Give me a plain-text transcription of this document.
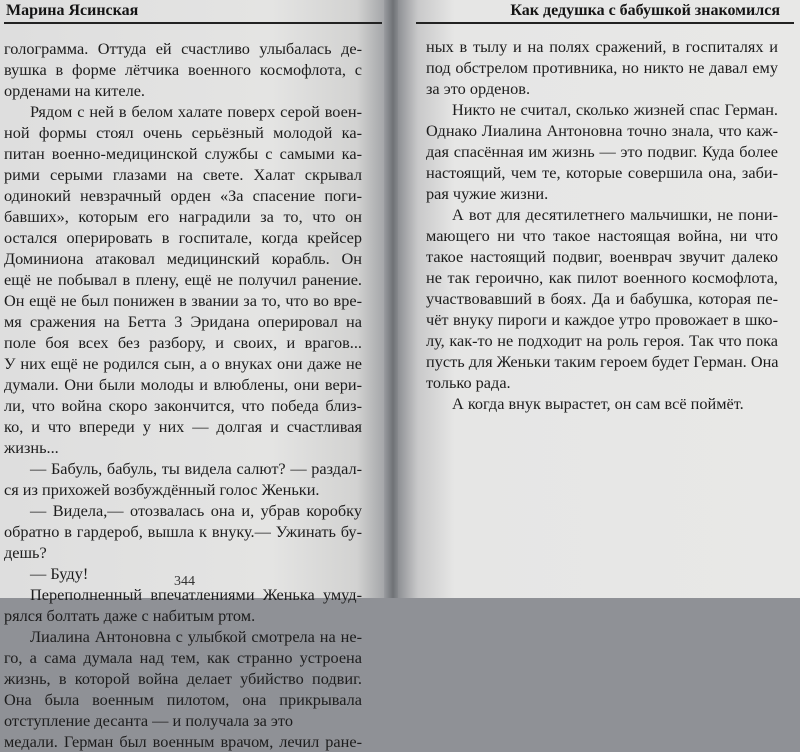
Марина Ясинская
голограмма. Оттуда ей счастливо улыбалась де-
вушка в форме лётчика военного космофлота, с
орденами на кителе.
Рядом с ней в белом халате поверх серой воен-
ной формы стоял очень серьёзный молодой ка-
питан военно-медицинской службы с самыми ка-
рими серыми глазами на свете. Халат скрывал
одинокий невзрачный орден «За спасение поги-
бавших», которым его наградили за то, что он
остался оперировать в госпитале, когда крейсер
Доминиона атаковал медицинский корабль. Он
ещё не побывал в плену, ещё не получил ранение.
Он ещё не был понижен в звании за то, что во вре-
мя сражения на Бетта 3 Эридана оперировал на
поле боя всех без разбору, и своих, и врагов...
У них ещё не родился сын, а о внуках они даже не
думали. Они были молоды и влюблены, они вери-
ли, что война скоро закончится, что победа близ-
ко, и что впереди у них — долгая и счастливая
жизнь...
— Бабуль, бабуль, ты видела салют? — раздал-
ся из прихожей возбуждённый голос Женьки.
— Видела,— отозвалась она и, убрав коробку
обратно в гардероб, вышла к внуку.— Ужинать бу-
дешь?
— Буду!
Переполненный впечатлениями Женька умуд-
рялся болтать даже с набитым ртом.
Лиалина Антоновна с улыбкой смотрела на не-
го, а сама думала над тем, как странно устроена
жизнь, в которой война делает убийство подвиг.
Она была военным пилотом, она прикрывала отступление десанта — и получала за это
медали. Герман был военным врачом, лечил ране-
344
Как дедушка с бабушкой знакомился
ных в тылу и на полях сражений, в госпиталях и
под обстрелом противника, но никто не давал ему
за это орденов.
Никто не считал, сколько жизней спас Герман.
Однако Лиалина Антоновна точно знала, что каж-
дая спасённая им жизнь — это подвиг. Куда более
настоящий, чем те, которые совершила она, заби-
рая чужие жизни.
А вот для десятилетнего мальчишки, не пони-
мающего ни что такое настоящая война, ни что
такое настоящий подвиг, военврач звучит далеко
не так героично, как пилот военного космофлота,
участвовавший в боях. Да и бабушка, которая пе-
чёт внуку пироги и каждое утро провожает в шко-
лу, как-то не подходит на роль героя. Так что пока
пусть для Женьки таким героем будет Герман. Она
только рада.
А когда внук вырастет, он сам всё поймёт.
